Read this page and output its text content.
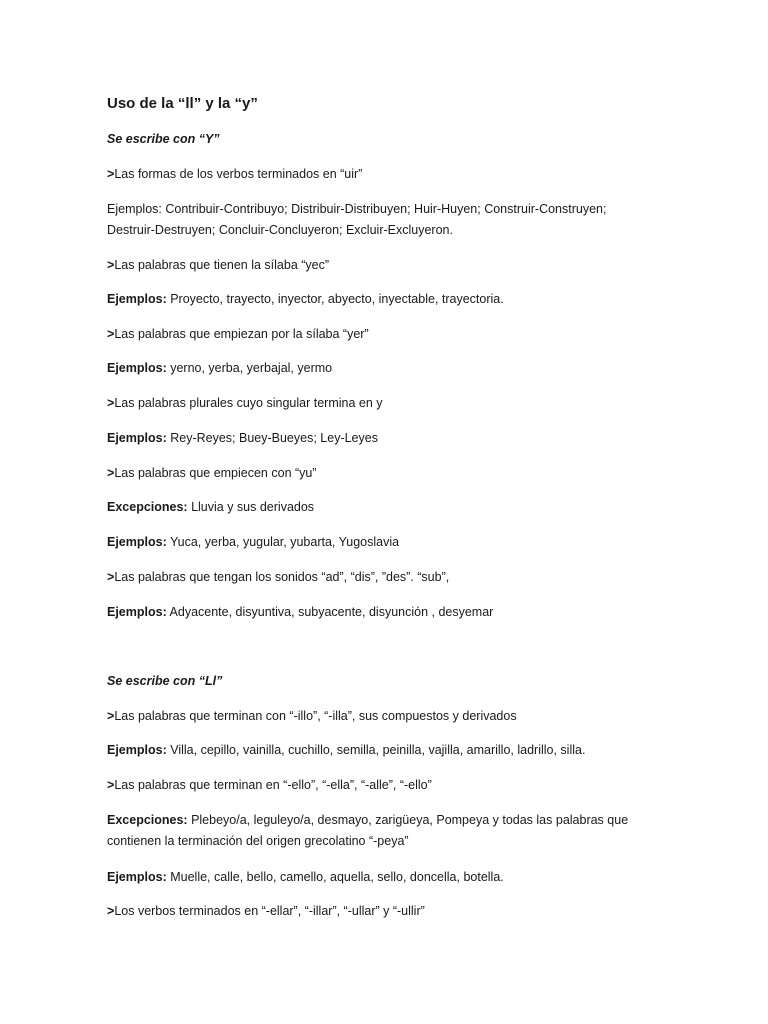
Uso de la “ll” y la “y”
Se escribe con “Y”
>Las formas de los verbos terminados en “uir”
Ejemplos: Contribuir-Contribuyo; Distribuir-Distribuyen; Huir-Huyen; Construir-Construyen; Destruir-Destruyen; Concluir-Concluyeron; Excluir-Excluyeron.
>Las palabras que tienen la sílaba “yec”
Ejemplos: Proyecto, trayecto, inyector, abyecto, inyectable, trayectoria.
>Las palabras que empiezan por la sílaba “yer”
Ejemplos: yerno, yerba, yerbajal, yermo
>Las palabras plurales cuyo singular termina en y
Ejemplos: Rey-Reyes; Buey-Bueyes; Ley-Leyes
>Las palabras que empiecen con “yu”
Excepciones: Lluvia y sus derivados
Ejemplos: Yuca, yerba, yugular, yubarta, Yugoslavia
>Las palabras que tengan los sonidos “ad”, “dis”, ”des”. “sub”,
Ejemplos: Adyacente, disyuntiva, subyacente, disyunción , desyemar
Se escribe con “Ll”
>Las palabras que terminan con “-illo”, “-illa”, sus compuestos y derivados
Ejemplos: Villa, cepillo, vainilla, cuchillo, semilla, peinilla, vajilla, amarillo, ladrillo, silla.
>Las palabras que terminan en “-ello”, “-ella”, “-alle”, “-ello”
Excepciones: Plebeyo/a, leguleyo/a, desmayo, zarigüeya, Pompeya y todas las palabras que contienen la terminación del origen grecolatino “-peya”
Ejemplos: Muelle, calle, bello, camello, aquella, sello, doncella, botella.
>Los verbos terminados en “-ellar”, “-illar”, “-ullar” y “-ullir”
